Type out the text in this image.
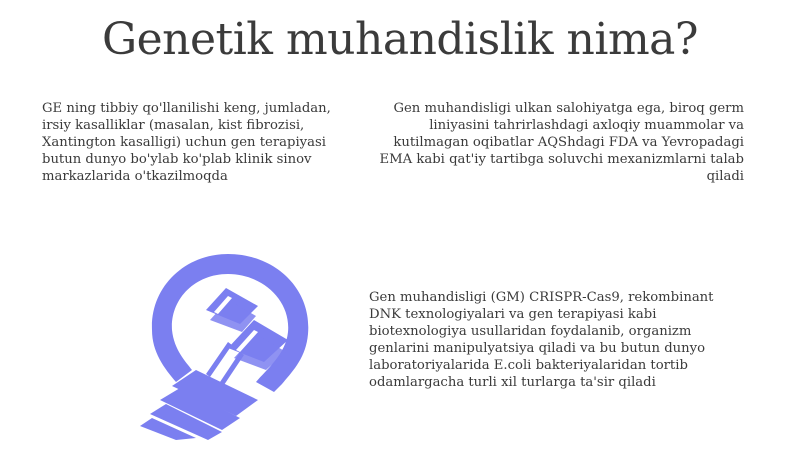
Genetik muhandislik nima?

GE ning tibbiy qo'llanilishi keng, jumladan, irsiy kasalliklar (masalan, kist fibrozisi, Xantington kasalligi) uchun gen terapiyasi butun dunyo bo'ylab ko'plab klinik sinov markazlarida o'tkazilmoqda

Gen muhandisligi ulkan salohiyatga ega, biroq germ liniyasini tahrirlashdagi axloqiy muammolar va kutilmagan oqibatlar AQShdagi FDA va Yevropadagi EMA kabi qat'iy tartibga soluvchi mexanizmlarni talab qiladi

Gen muhandisligi (GM) CRISPR-Cas9, rekombinant DNK texnologiyalari va gen terapiyasi kabi biotexnologiya usullaridan foydalanib, organizm genlarini manipulyatsiya qiladi va bu butun dunyo laboratoriyalarida E.coli bakteriyalaridan tortib odamlargacha turli xil turlarga ta'sir qiladi
